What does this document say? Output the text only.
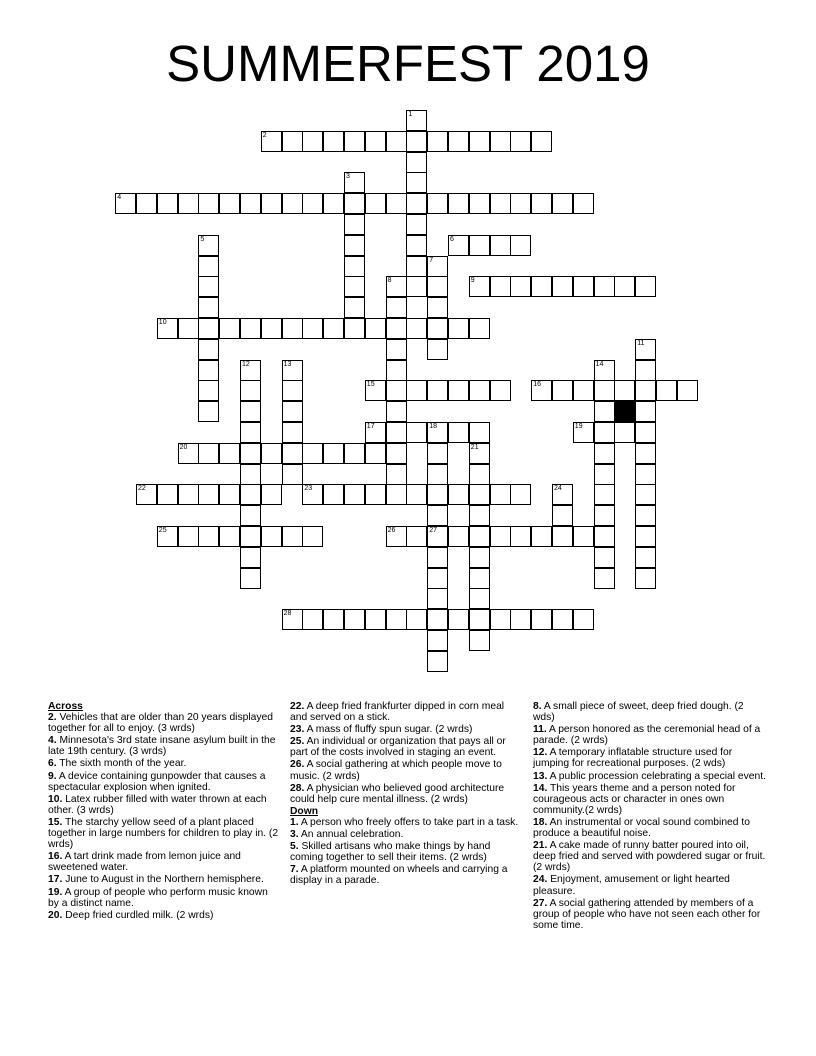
SUMMERFEST 2019
1
2
3
4
5	6
7
8	9
10
11
12	13	14
15	16
17	18	19
20	21
22	23	24
25	26	27
28
Across
2. Vehicles that are older than 20 years displayed together for all to enjoy. (3 wrds)
4. Minnesota's 3rd state insane asylum built in the late 19th century. (3 wrds)
6. The sixth month of the year.
9. A device containing gunpowder that causes a spectacular explosion when ignited.
10. Latex rubber filled with water thrown at each other. (3 wrds)
15. The starchy yellow seed of a plant placed together in large numbers for children to play in. (2 wrds)
16. A tart drink made from lemon juice and sweetened water.
17. June to August in the Northern hemisphere.
19. A group of people who perform music known by a distinct name.
20. Deep fried curdled milk. (2 wrds)
22. A deep fried frankfurter dipped in corn meal and served on a stick.
23. A mass of fluffy spun sugar. (2 wrds)
25. An individual or organization that pays all or part of the costs involved in staging an event.
26. A social gathering at which people move to music. (2 wrds)
28. A physician who believed good architecture could help cure mental illness. (2 wrds)
Down
1. A person who freely offers to take part in a task.
3. An annual celebration.
5. Skilled artisans who make things by hand coming together to sell their items. (2 wrds)
7. A platform mounted on wheels and carrying a display in a parade.
8. A small piece of sweet, deep fried dough. (2 wds)
11. A person honored as the ceremonial head of a parade. (2 wrds)
12. A temporary inflatable structure used for jumping for recreational purposes. (2 wds)
13. A public procession celebrating a special event.
14. This years theme and a person noted for courageous acts or character in ones own community.(2 wrds)
18. An instrumental or vocal sound combined to produce a beautiful noise.
21. A cake made of runny batter poured into oil, deep fried and served with powdered sugar or fruit. (2 wrds)
24. Enjoyment, amusement or light hearted pleasure.
27. A social gathering attended by members of a group of people who have not seen each other for some time.
